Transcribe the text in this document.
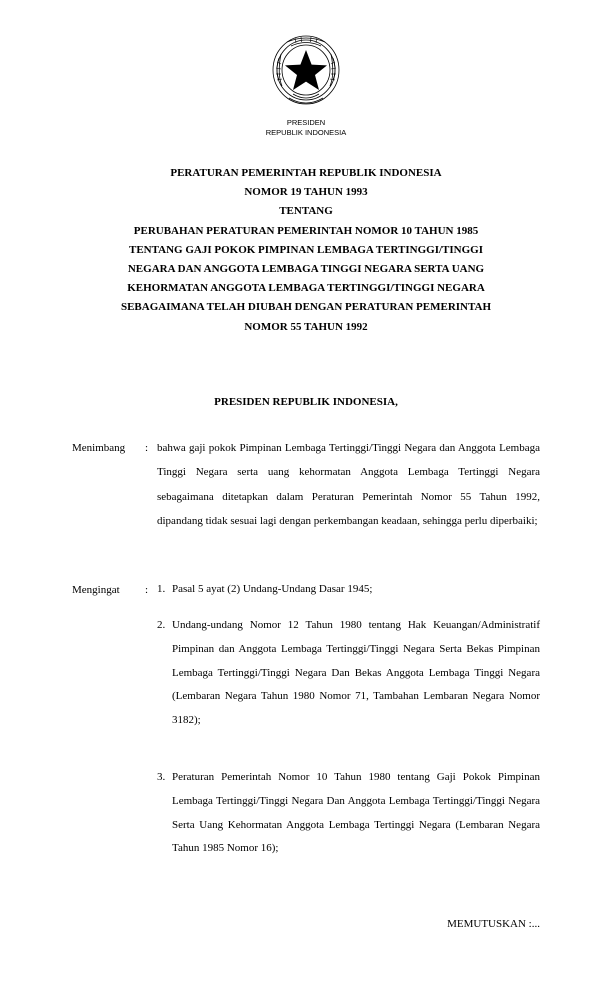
PRESIDEN
REPUBLIK INDONESIA
PERATURAN PEMERINTAH REPUBLIK INDONESIA
NOMOR 19 TAHUN 1993
TENTANG
PERUBAHAN PERATURAN PEMERINTAH NOMOR 10 TAHUN 1985
TENTANG GAJI POKOK PIMPINAN LEMBAGA TERTINGGI/TINGGI
NEGARA DAN ANGGOTA LEMBAGA TINGGI NEGARA SERTA UANG
KEHORMATAN ANGGOTA LEMBAGA TERTINGGI/TINGGI NEGARA
SEBAGAIMANA TELAH DIUBAH DENGAN PERATURAN PEMERINTAH
NOMOR 55 TAHUN 1992
PRESIDEN REPUBLIK INDONESIA,
Menimbang : bahwa gaji pokok Pimpinan Lembaga Tertinggi/Tinggi Negara dan Anggota Lembaga Tinggi Negara serta uang kehormatan Anggota Lembaga Tertinggi Negara sebagaimana ditetapkan dalam Peraturan Pemerintah Nomor 55 Tahun 1992, dipandang tidak sesuai lagi dengan perkembangan keadaan, sehingga perlu diperbaiki;
Mengingat : 1. Pasal 5 ayat (2) Undang-Undang Dasar 1945;
2. Undang-undang Nomor 12 Tahun 1980 tentang Hak Keuangan/Administratif Pimpinan dan Anggota Lembaga Tertinggi/Tinggi Negara Serta Bekas Pimpinan Lembaga Tertinggi/Tinggi Negara Dan Bekas Anggota Lembaga Tinggi Negara (Lembaran Negara Tahun 1980 Nomor 71, Tambahan Lembaran Negara Nomor 3182);
3. Peraturan Pemerintah Nomor 10 Tahun 1980 tentang Gaji Pokok Pimpinan Lembaga Tertinggi/Tinggi Negara Dan Anggota Lembaga Tertinggi/Tinggi Negara Serta Uang Kehormatan Anggota Lembaga Tertinggi Negara (Lembaran Negara Tahun 1985 Nomor 16);
MEMUTUSKAN :...
